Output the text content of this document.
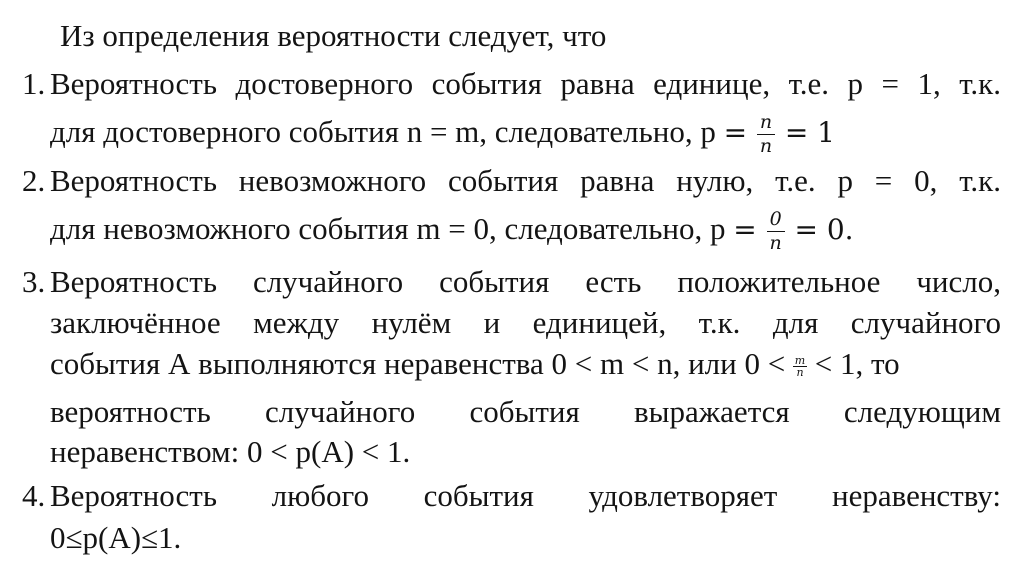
Из определения вероятности следует, что
1. Вероятность достоверного события равна единице, т.е. р = 1, т.к.
для достоверного события n = m, следовательно, $p = \frac{n}{n} = 1$
2. Вероятность невозможного события равна нулю, т.е. р = 0, т.к.
для невозможного события m = 0, следовательно, $p = \frac{0}{n} = 0$.
3. Вероятность случайного события есть положительное число,
заключённое между нулём и единицей, т.к. для случайного
события А выполняются неравенства 0 < m < n, или $0 < \frac{m}{n} < 1$, то
вероятность случайного события выражается следующим
неравенством: 0 < р(А) < 1.
4. Вероятность любого события удовлетворяет неравенству:
0≤р(А)≤1.
